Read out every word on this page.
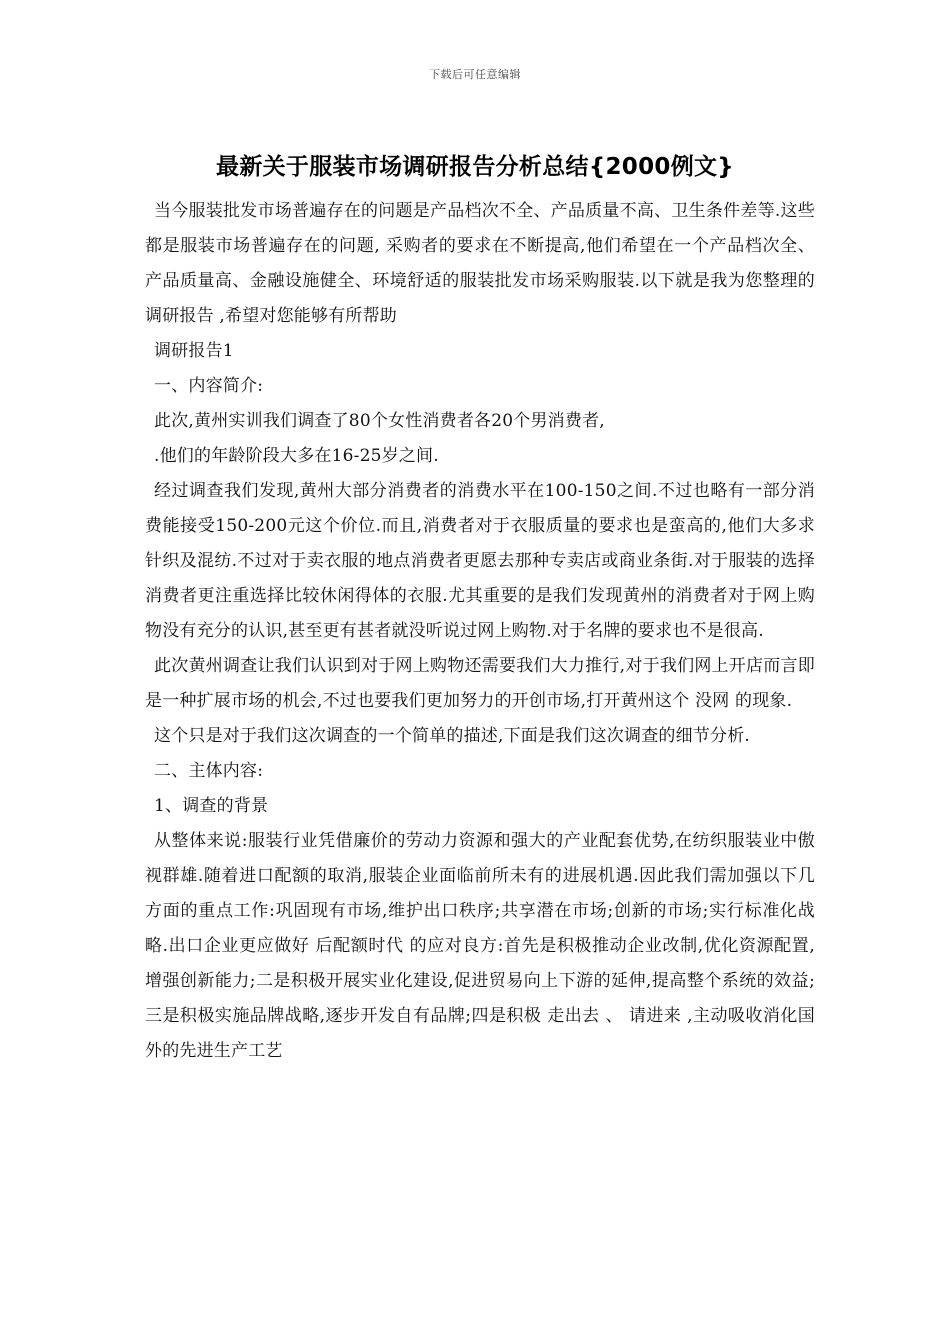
下载后可任意编辑
最新关于服装市场调研报告分析总结{2000例文}

当今服装批发市场普遍存在的问题是产品档次不全、产品质量不高、卫生条件差等.这些都是服装市场普遍存在的问题, 采购者的要求在不断提高,他们希望在一个产品档次全、产品质量高、金融设施健全、环境舒适的服装批发市场采购服装.以下就是我为您整理的 调研报告 ,希望对您能够有所帮助

调研报告1

一、内容简介:

此次,黄州实训我们调查了80个女性消费者各20个男消费者,

.他们的年龄阶段大多在16-25岁之间.

经过调查我们发现,黄州大部分消费者的消费水平在100-150之间.不过也略有一部分消费能接受150-200元这个价位.而且,消费者对于衣服质量的要求也是蛮高的,他们大多求针织及混纺.不过对于卖衣服的地点消费者更愿去那种专卖店或商业条街.对于服装的选择消费者更注重选择比较休闲得体的衣服.尤其重要的是我们发现黄州的消费者对于网上购物没有充分的认识,甚至更有甚者就没听说过网上购物.对于名牌的要求也不是很高.

此次黄州调查让我们认识到对于网上购物还需要我们大力推行,对于我们网上开店而言即是一种扩展市场的机会,不过也要我们更加努力的开创市场,打开黄州这个 没网 的现象.

这个只是对于我们这次调查的一个简单的描述,下面是我们这次调查的细节分析.

二、主体内容:

1、调查的背景

从整体来说:服装行业凭借廉价的劳动力资源和强大的产业配套优势,在纺织服装业中傲视群雄.随着进口配额的取消,服装企业面临前所未有的进展机遇.因此我们需加强以下几方面的重点工作:巩固现有市场,维护出口秩序;共享潜在市场;创新的市场;实行标准化战略.出口企业更应做好 后配额时代 的应对良方:首先是积极推动企业改制,优化资源配置,增强创新能力;二是积极开展实业化建设,促进贸易向上下游的延伸,提高整个系统的效益;三是积极实施品牌战略,逐步开发自有品牌;四是积极 走出去 、 请进来 ,主动吸收消化国外的先进生产工艺
